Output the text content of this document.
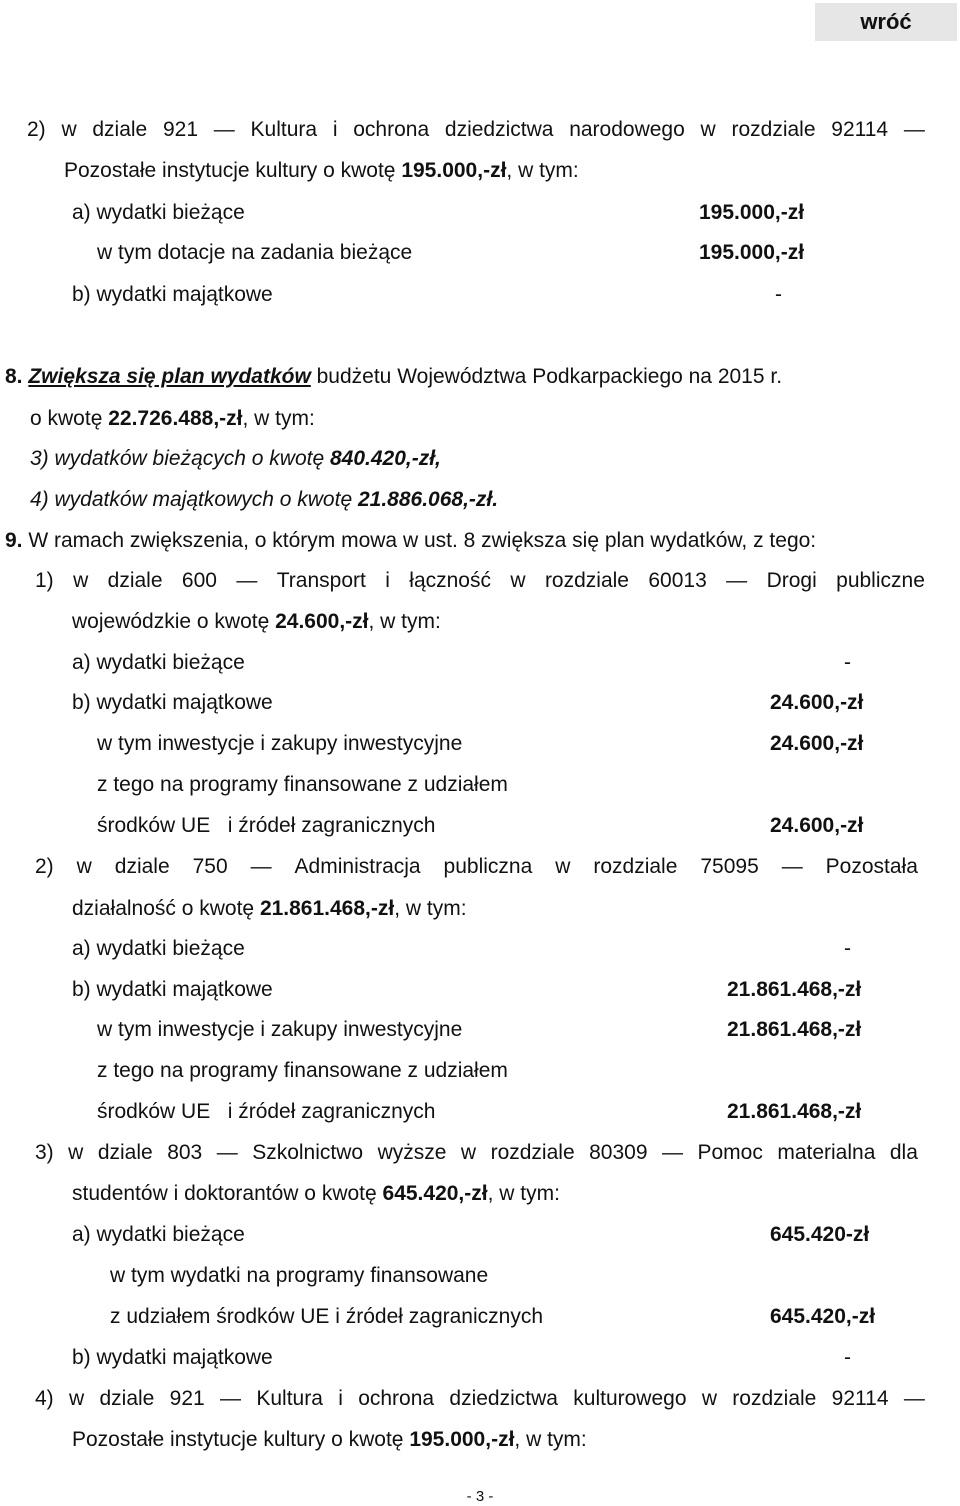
wróć
2) w dziale 921 — Kultura i ochrona dziedzictwa narodowego w rozdziale 92114 —
Pozostałe instytucje kultury o kwotę 195.000,-zł, w tym:
a) wydatki bieżące	195.000,-zł
w tym dotacje na zadania bieżące	195.000,-zł
b) wydatki majątkowe	-
8. Zwiększa się plan wydatków budżetu Województwa Podkarpackiego na 2015 r.
o kwotę 22.726.488,-zł, w tym:
3) wydatków bieżących o kwotę 840.420,-zł,
4) wydatków majątkowych o kwotę 21.886.068,-zł.
9. W ramach zwiększenia, o którym mowa w ust. 8 zwiększa się plan wydatków, z tego:
1) w dziale 600 — Transport i łączność w rozdziale 60013 — Drogi publiczne
wojewódzkie o kwotę 24.600,-zł, w tym:
a) wydatki bieżące	-
b) wydatki majątkowe	24.600,-zł
w tym inwestycje i zakupy inwestycyjne	24.600,-zł
z tego na programy finansowane z udziałem
środków UE   i źródeł zagranicznych	24.600,-zł
2) w dziale 750 — Administracja publiczna w rozdziale 75095 — Pozostała
działalność o kwotę 21.861.468,-zł, w tym:
a) wydatki bieżące	-
b) wydatki majątkowe	21.861.468,-zł
w tym inwestycje i zakupy inwestycyjne	21.861.468,-zł
z tego na programy finansowane z udziałem
środków UE   i źródeł zagranicznych	21.861.468,-zł
3) w dziale 803 — Szkolnictwo wyższe w rozdziale 80309 — Pomoc materialna dla
studentów i doktorantów o kwotę 645.420,-zł, w tym:
a) wydatki bieżące	645.420-zł
w tym wydatki na programy finansowane
z udziałem środków UE i źródeł zagranicznych	645.420,-zł
b) wydatki majątkowe	-
4) w dziale 921 — Kultura i ochrona dziedzictwa kulturowego w rozdziale 92114 —
Pozostałe instytucje kultury o kwotę 195.000,-zł, w tym:
- 3 -
